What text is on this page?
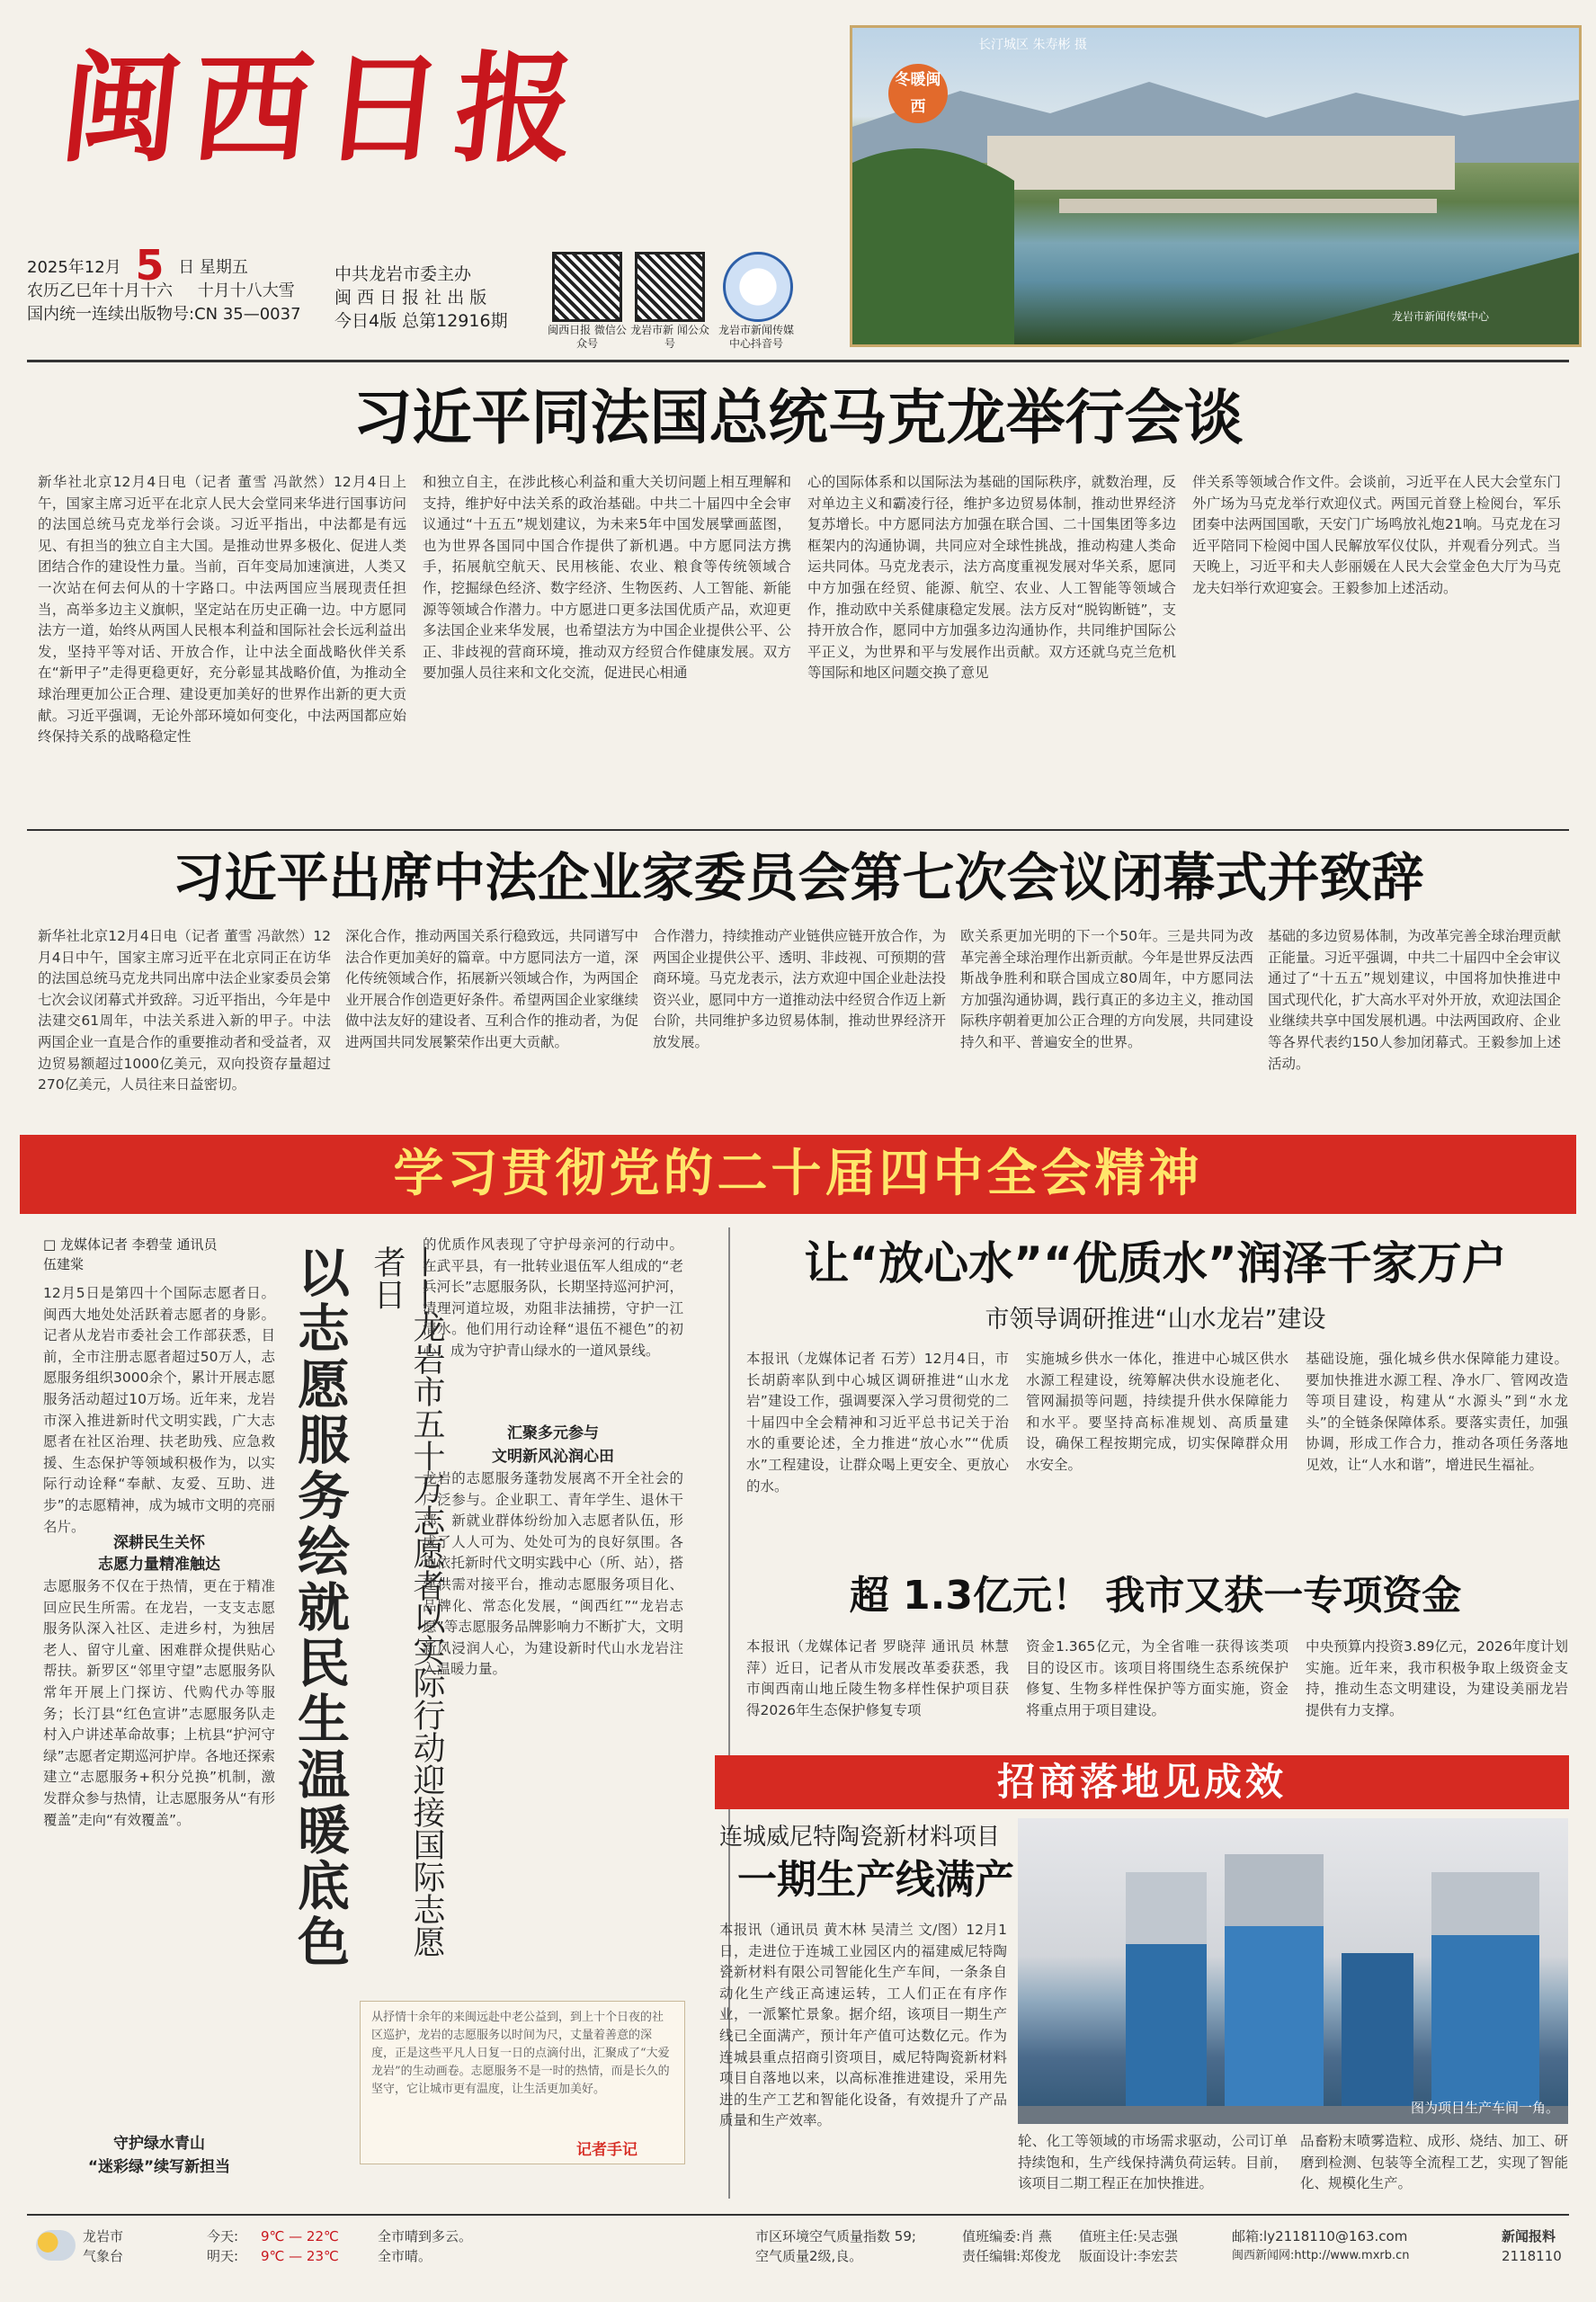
闽西日报
2025年12月 5 日 星期五
农历乙巳年十月十六 十月十八大雪
国内统一连续出版物号:CN 35—0037
中共龙岩市委主办
闽 西 日 报 社 出 版
今日4版 总第12916期	闽西日报 微信公众号
龙岩市新 闻公众号
龙岩市新闻传媒 中心抖音号
长汀城区 朱寿彬 摄
冬暖闽西
龙岩市新闻传媒中心
习近平同法国总统马克龙举行会谈
新华社北京12月4日电（记者 董雪 冯歆然）12月4日上午，国家主席习近平在北京人民大会堂同来华进行国事访问的法国总统马克龙举行会谈。习近平指出，中法都是有远见、有担当的独立自主大国。是推动世界多极化、促进人类团结合作的建设性力量。当前，百年变局加速演进，人类又一次站在何去何从的十字路口。中法两国应当展现责任担当，高举多边主义旗帜，坚定站在历史正确一边。中方愿同法方一道，始终从两国人民根本利益和国际社会长远利益出发，坚持平等对话、开放合作，让中法全面战略伙伴关系在“新甲子”走得更稳更好，充分彰显其战略价值，为推动全球治理更加公正合理、建设更加美好的世界作出新的更大贡献。习近平强调，无论外部环境如何变化，中法两国都应始终保持关系的战略稳定性
和独立自主，在涉此核心利益和重大关切问题上相互理解和支持，维护好中法关系的政治基础。中共二十届四中全会审议通过“十五五”规划建议，为未来5年中国发展擘画蓝图，也为世界各国同中国合作提供了新机遇。中方愿同法方携手，拓展航空航天、民用核能、农业、粮食等传统领域合作，挖掘绿色经济、数字经济、生物医药、人工智能、新能源等领域合作潜力。中方愿进口更多法国优质产品，欢迎更多法国企业来华发展，也希望法方为中国企业提供公平、公正、非歧视的营商环境，推动双方经贸合作健康发展。双方要加强人员往来和文化交流，促进民心相通
心的国际体系和以国际法为基础的国际秩序，就数治理，反对单边主义和霸凌行径，维护多边贸易体制，推动世界经济复苏增长。中方愿同法方加强在联合国、二十国集团等多边框架内的沟通协调，共同应对全球性挑战，推动构建人类命运共同体。马克龙表示，法方高度重视发展对华关系，愿同中方加强在经贸、能源、航空、农业、人工智能等领域合作，推动欧中关系健康稳定发展。法方反对“脱钩断链”，支持开放合作，愿同中方加强多边沟通协作，共同维护国际公平正义，为世界和平与发展作出贡献。双方还就乌克兰危机等国际和地区问题交换了意见
伴关系等领域合作文件。会谈前，习近平在人民大会堂东门外广场为马克龙举行欢迎仪式。两国元首登上检阅台，军乐团奏中法两国国歌，天安门广场鸣放礼炮21响。马克龙在习近平陪同下检阅中国人民解放军仪仗队，并观看分列式。当天晚上，习近平和夫人彭丽媛在人民大会堂金色大厅为马克龙夫妇举行欢迎宴会。王毅参加上述活动。
习近平出席中法企业家委员会第七次会议闭幕式并致辞
新华社北京12月4日电（记者 董雪 冯歆然）12月4日中午，国家主席习近平在北京同正在访华的法国总统马克龙共同出席中法企业家委员会第七次会议闭幕式并致辞。习近平指出，今年是中法建交61周年，中法关系进入新的甲子。中法两国企业一直是合作的重要推动者和受益者，双边贸易额超过1000亿美元，双向投资存量超过270亿美元，人员往来日益密切。
深化合作，推动两国关系行稳致远，共同谱写中法合作更加美好的篇章。中方愿同法方一道，深化传统领域合作，拓展新兴领域合作，为两国企业开展合作创造更好条件。希望两国企业家继续做中法友好的建设者、互利合作的推动者，为促进两国共同发展繁荣作出更大贡献。
合作潜力，持续推动产业链供应链开放合作，为两国企业提供公平、透明、非歧视、可预期的营商环境。马克龙表示，法方欢迎中国企业赴法投资兴业，愿同中方一道推动法中经贸合作迈上新台阶，共同维护多边贸易体制，推动世界经济开放发展。
欧关系更加光明的下一个50年。三是共同为改革完善全球治理作出新贡献。今年是世界反法西斯战争胜利和联合国成立80周年，中方愿同法方加强沟通协调，践行真正的多边主义，推动国际秩序朝着更加公正合理的方向发展，共同建设持久和平、普遍安全的世界。
基础的多边贸易体制，为改革完善全球治理贡献正能量。习近平强调，中共二十届四中全会审议通过了“十五五”规划建议，中国将加快推进中国式现代化，扩大高水平对外开放，欢迎法国企业继续共享中国发展机遇。中法两国政府、企业等各界代表约150人参加闭幕式。王毅参加上述活动。
学习贯彻党的二十届四中全会精神
□ 龙媒体记者 李碧莹 通讯员 伍建棠
12月5日是第四十个国际志愿者日。闽西大地处处活跃着志愿者的身影。记者从龙岩市委社会工作部获悉，目前，全市注册志愿者超过50万人，志愿服务组织3000余个，累计开展志愿服务活动超过10万场。近年来，龙岩市深入推进新时代文明实践，广大志愿者在社区治理、扶老助残、应急救援、生态保护等领域积极作为，以实际行动诠释“奉献、友爱、互助、进步”的志愿精神，成为城市文明的亮丽名片。
深耕民生关怀
志愿力量精准触达
志愿服务不仅在于热情，更在于精准回应民生所需。在龙岩，一支支志愿服务队深入社区、走进乡村，为独居老人、留守儿童、困难群众提供贴心帮扶。新罗区“邻里守望”志愿服务队常年开展上门探访、代购代办等服务；长汀县“红色宣讲”志愿服务队走村入户讲述革命故事；上杭县“护河守绿”志愿者定期巡河护岸。各地还探索建立“志愿服务+积分兑换”机制，激发群众参与热情，让志愿服务从“有形覆盖”走向“有效覆盖”。
守护绿水青山
“迷彩绿”续写新担当
以志愿服务绘就民生温暖底色	——龙岩市五十万志愿者以实际行动迎接国际志愿者日
的优质作风表现了守护母亲河的行动中。在武平县，有一批转业退伍军人组成的“老兵河长”志愿服务队，长期坚持巡河护河，清理河道垃圾，劝阻非法捕捞，守护一江清水。他们用行动诠释“退伍不褪色”的初心，成为守护青山绿水的一道风景线。
汇聚多元参与
文明新风沁润心田
龙岩的志愿服务蓬勃发展离不开全社会的广泛参与。企业职工、青年学生、退休干部、新就业群体纷纷加入志愿者队伍，形成了人人可为、处处可为的良好氛围。各地依托新时代文明实践中心（所、站），搭建供需对接平台，推动志愿服务项目化、品牌化、常态化发展，“闽西红”“龙岩志愿”等志愿服务品牌影响力不断扩大，文明新风浸润人心，为建设新时代山水龙岩注入温暖力量。
从抒情十余年的来闽远赴中老公益到，到上十个日夜的社区巡护，龙岩的志愿服务以时间为尺，丈量着善意的深度，正是这些平凡人日复一日的点滴付出，汇聚成了“大爱龙岩”的生动画卷。志愿服务不是一时的热情，而是长久的坚守，它让城市更有温度，让生活更加美好。
记者手记
让“放心水”“优质水”润泽千家万户
市领导调研推进“山水龙岩”建设
本报讯（龙媒体记者 石芳）12月4日，市长胡蔚率队到中心城区调研推进“山水龙岩”建设工作，强调要深入学习贯彻党的二十届四中全会精神和习近平总书记关于治水的重要论述，全力推进“放心水”“优质水”工程建设，让群众喝上更安全、更放心的水。
实施城乡供水一体化，推进中心城区供水水源工程建设，统筹解决供水设施老化、管网漏损等问题，持续提升供水保障能力和水平。要坚持高标准规划、高质量建设，确保工程按期完成，切实保障群众用水安全。
基础设施，强化城乡供水保障能力建设。要加快推进水源工程、净水厂、管网改造等项目建设，构建从“水源头”到“水龙头”的全链条保障体系。要落实责任，加强协调，形成工作合力，推动各项任务落地见效，让“人水和谐”，增进民生福祉。
超 1.3亿元！ 我市又获一专项资金
本报讯（龙媒体记者 罗晓萍 通讯员 林慧萍）近日，记者从市发展改革委获悉，我市闽西南山地丘陵生物多样性保护项目获得2026年生态保护修复专项
资金1.365亿元，为全省唯一获得该类项目的设区市。该项目将围绕生态系统保护修复、生物多样性保护等方面实施，资金将重点用于项目建设。
中央预算内投资3.89亿元，2026年度计划实施。近年来，我市积极争取上级资金支持，推动生态文明建设，为建设美丽龙岩提供有力支撑。
招商落地见成效
连城威尼特陶瓷新材料项目
一期生产线满产
本报讯（通讯员 黄木林 吴清兰 文/图）12月1日，走进位于连城工业园区内的福建威尼特陶瓷新材料有限公司智能化生产车间，一条条自动化生产线正高速运转，工人们正在有序作业，一派繁忙景象。据介绍，该项目一期生产线已全面满产，预计年产值可达数亿元。作为连城县重点招商引资项目，威尼特陶瓷新材料项目自落地以来，以高标准推进建设，采用先进的生产工艺和智能化设备，有效提升了产品质量和生产效率。
图为项目生产车间一角。
轮、化工等领域的市场需求驱动，公司订单持续饱和，生产线保持满负荷运转。目前，该项目二期工程正在加快推进。
品畜粉末喷雾造粒、成形、烧结、加工、研磨到检测、包装等全流程工艺，实现了智能化、规模化生产。
龙岩市
气象台
今天: 9℃ — 22℃	全市晴到多云。
明天: 9℃ — 23℃	全市晴。
市区环境空气质量指数 59;
空气质量2级,良。
值班编委:肖 燕 值班主任:吴志强
责任编辑:郑俊龙 版面设计:李宏芸
邮箱:ly2118110@163.com
闽西新闻网:http://www.mxrb.cn
新闻报料
2118110
